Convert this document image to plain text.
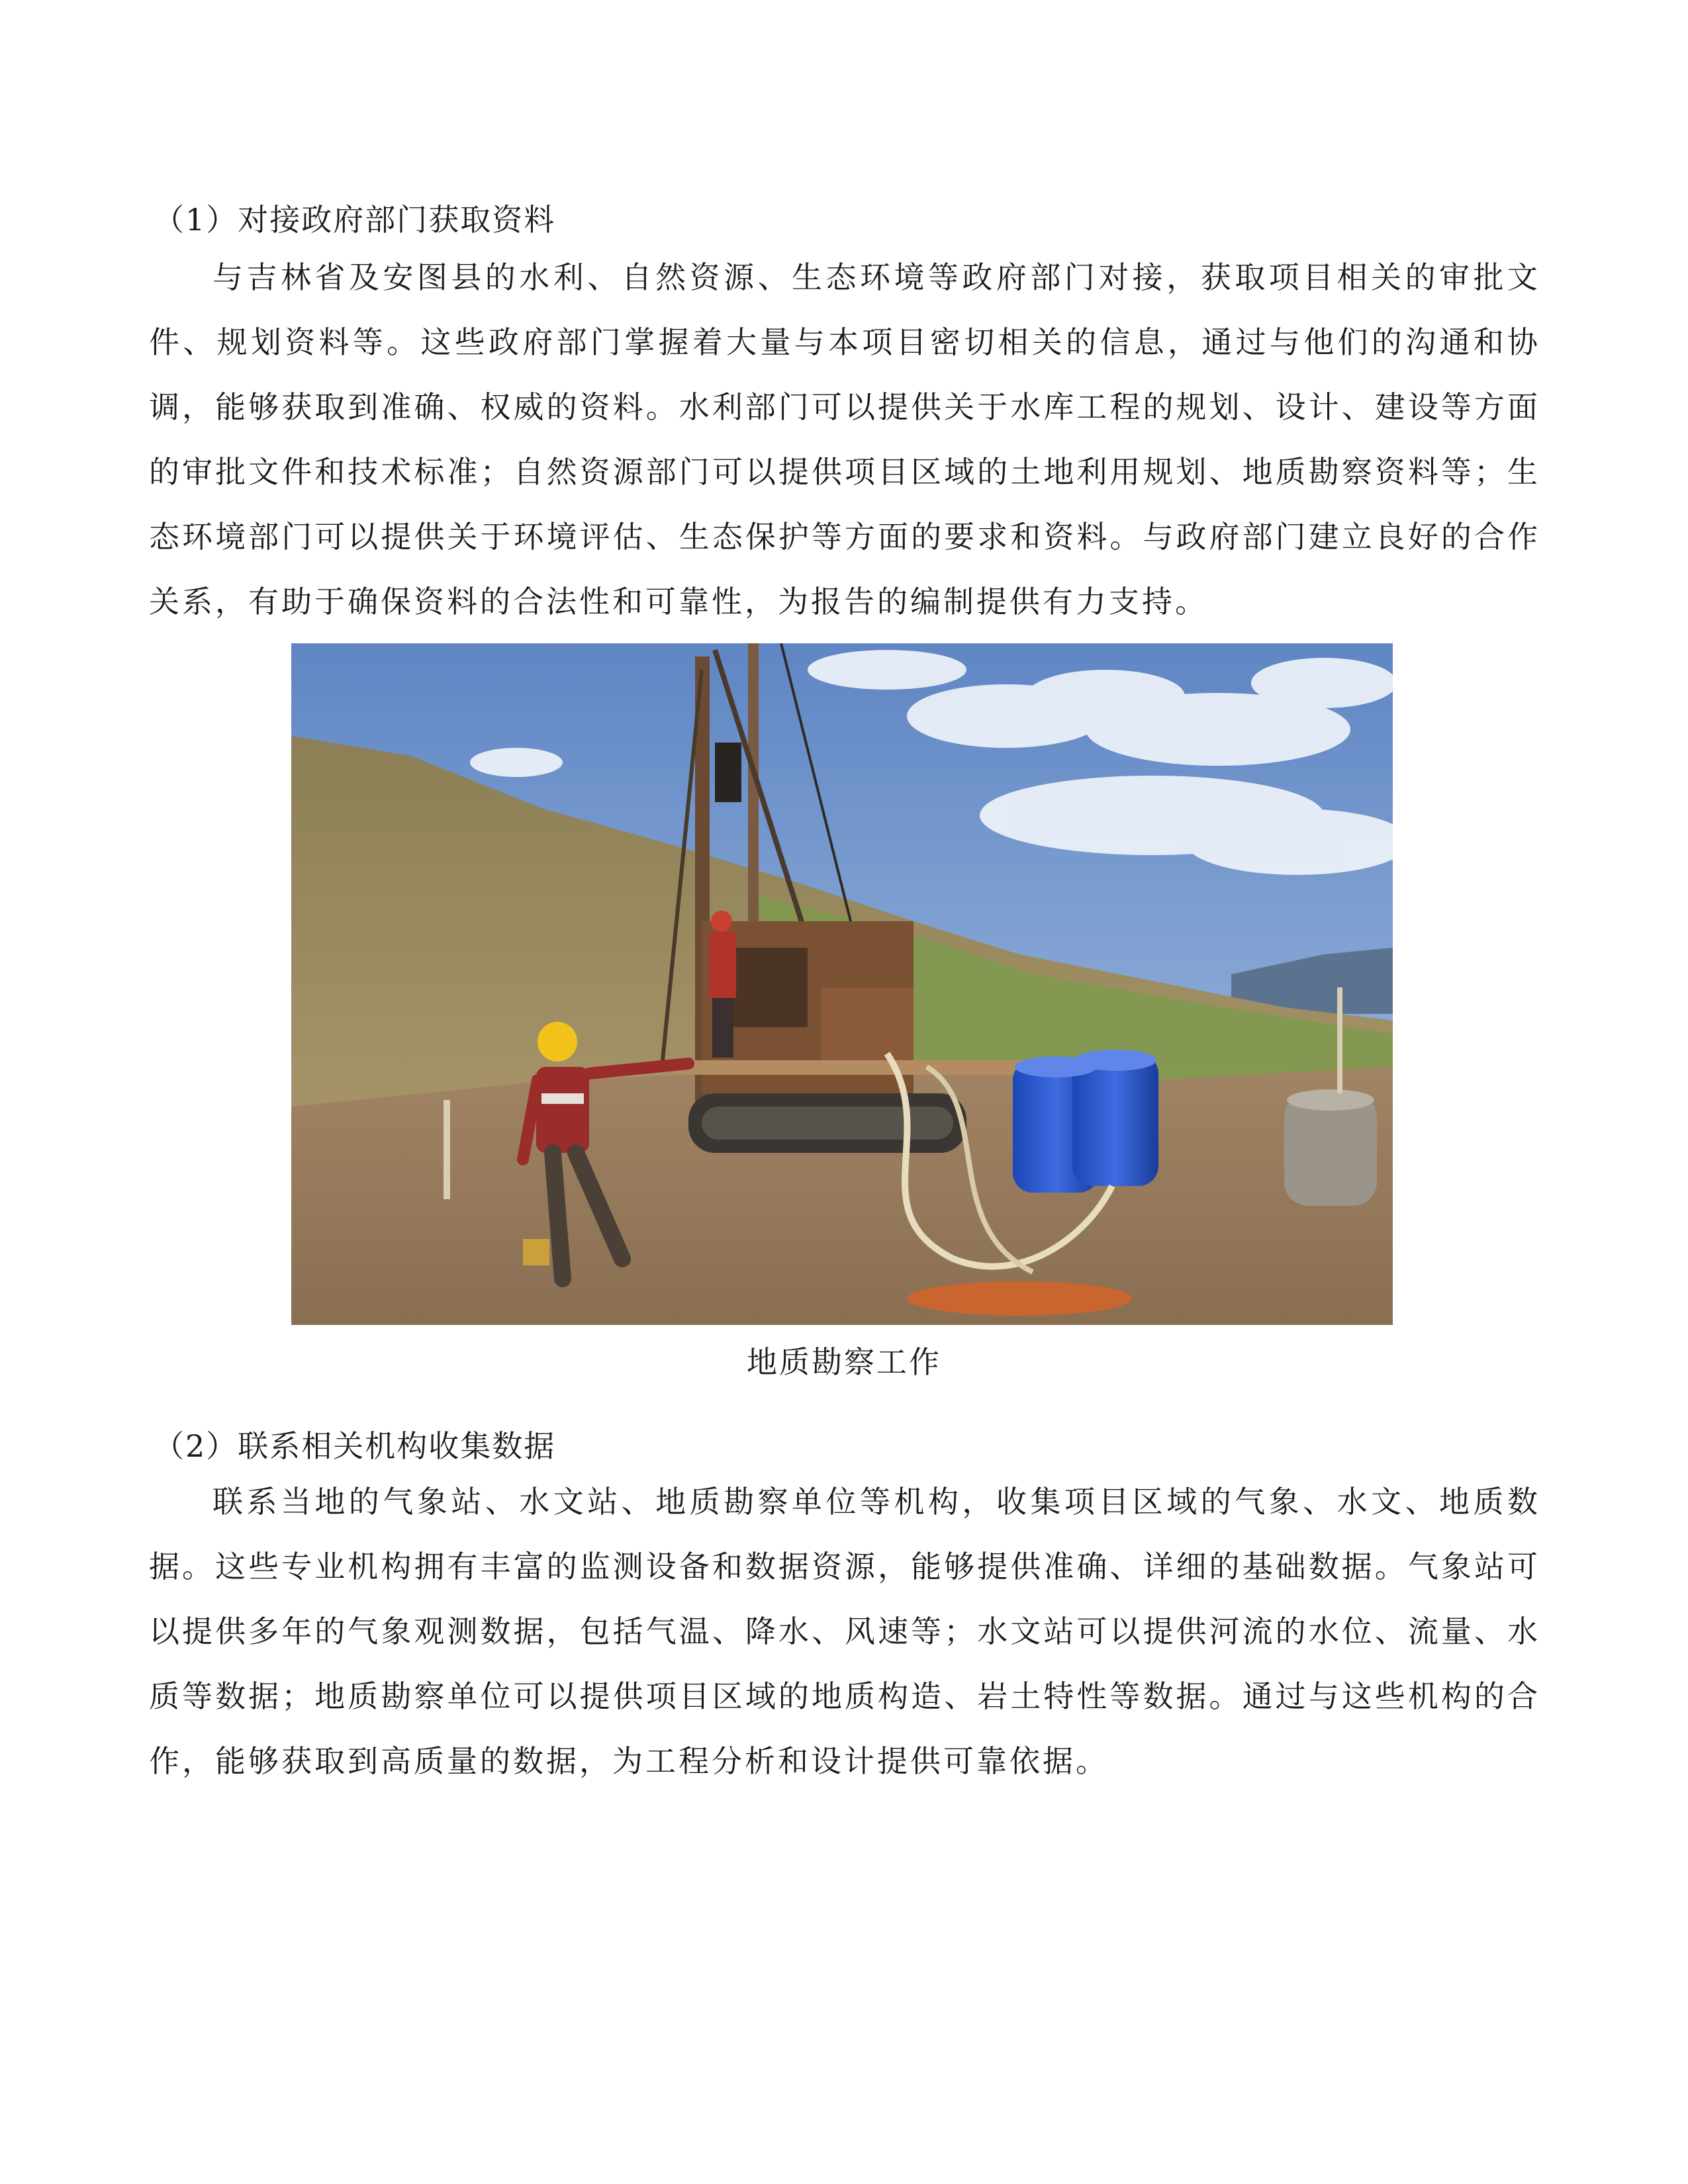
（1）对接政府部门获取资料

与吉林省及安图县的水利、自然资源、生态环境等政府部门对接，获取项目相关的审批文件、规划资料等。这些政府部门掌握着大量与本项目密切相关的信息，通过与他们的沟通和协调，能够获取到准确、权威的资料。水利部门可以提供关于水库工程的规划、设计、建设等方面的审批文件和技术标准；自然资源部门可以提供项目区域的土地利用规划、地质勘察资料等；生态环境部门可以提供关于环境评估、生态保护等方面的要求和资料。与政府部门建立良好的合作关系，有助于确保资料的合法性和可靠性，为报告的编制提供有力支持。

地质勘察工作

（2）联系相关机构收集数据

联系当地的气象站、水文站、地质勘察单位等机构，收集项目区域的气象、水文、地质数据。这些专业机构拥有丰富的监测设备和数据资源，能够提供准确、详细的基础数据。气象站可以提供多年的气象观测数据，包括气温、降水、风速等；水文站可以提供河流的水位、流量、水质等数据；地质勘察单位可以提供项目区域的地质构造、岩土特性等数据。通过与这些机构的合作，能够获取到高质量的数据，为工程分析和设计提供可靠依据。
